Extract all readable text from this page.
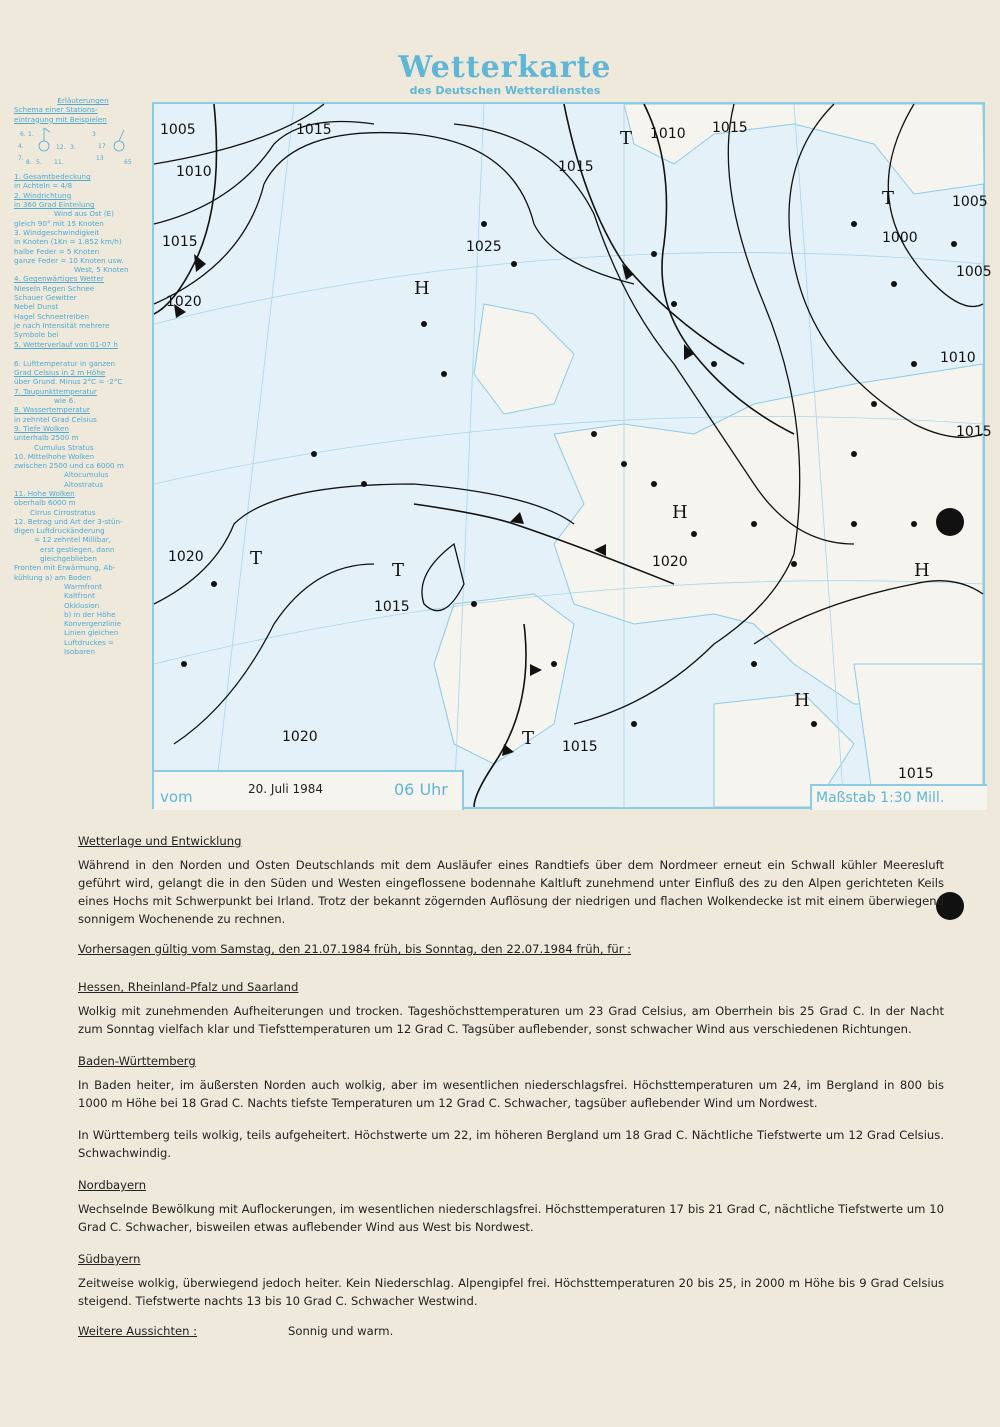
Wetterkarte
des Deutschen Wetterdienstes
Erläuterungen
Schema einer Stations-
eintragung mit Beispielen
6. 1.
4.	12. 3.
7.
8. 5. 11.
3
17
13
65
1. Gesamtbedeckung
in Achteln = 4/8
2. Windrichtung
in 360 Grad Einteilung
Wind aus Ost (E)
gleich 90° mit 15 Knoten
3. Windgeschwindigkeit
in Knoten (1Kn = 1.852 km/h)
halbe Feder = 5 Knoten
ganze Feder = 10 Knoten usw.
West, 5 Knoten
4. Gegenwärtiges Wetter
Nieseln Regen Schnee
Schauer Gewitter
Nebel Dunst
Hagel Schneetreiben
je nach Intensität mehrere
Symbole bei
5. Wetterverlauf von 01-07 h
6. Lufttemperatur in ganzen
Grad Celsius in 2 m Höhe
über Grund. Minus 2°C = -2°C
7. Taupunkttemperatur
wie 6.
8. Wassertemperatur
in zehntel Grad Celsius
9. Tiefe Wolken
unterhalb 2500 m
Cumulus Stratus
10. Mittelhohe Wolken
zwischen 2500 und ca 6000 m
Altocumulus
Altostratus
11. Hohe Wolken
oberhalb 6000 m
Cirrus Cirrostratus
12. Betrag und Art der 3-stün-
digen Luftdruckänderung
= 12 zehntel Millibar,
erst gestiegen, dann
gleichgeblieben
Fronten mit Erwärmung, Ab-
kühlung a) am Boden
Warmfront
Kaltfront
Okklusion
b) in der Höhe
Konvergenzlinie
Linien gleichen
Luftdruckes =
Isobaren
1005
1010
1015
1020
1025
1015
1010 1015
1005
1000
1005
1010
1015
1020
1015
1020
1020
1015
1015
1015
H
T
T
H
T	H
H
T
T
vom	20. Juli 1984	06 Uhr	Maßstab 1:30 Mill.
Wetterlage und Entwicklung

Während in den Norden und Osten Deutschlands mit dem Ausläufer eines Randtiefs über dem Nordmeer erneut ein Schwall kühler Meeresluft geführt wird, gelangt die in den Süden und Westen eingeflossene bodennahe Kaltluft zunehmend unter Einfluß des zu den Alpen gerichteten Keils eines Hochs mit Schwerpunkt bei Irland. Trotz der bekannt zögernden Auflösung der niedrigen und flachen Wolkendecke ist mit einem überwiegend sonnigem Wochenende zu rechnen.

Vorhersagen gültig vom Samstag, den 21.07.1984 früh, bis Sonntag, den 22.07.1984 früh, für :
Hessen, Rheinland-Pfalz und Saarland

Wolkig mit zunehmenden Aufheiterungen und trocken. Tageshöchsttemperaturen um 23 Grad Celsius, am Oberrhein bis 25 Grad C. In der Nacht zum Sonntag vielfach klar und Tiefsttemperaturen um 12 Grad C. Tagsüber auflebender, sonst schwacher Wind aus verschiedenen Richtungen.

Baden-Württemberg

In Baden heiter, im äußersten Norden auch wolkig, aber im wesentlichen niederschlagsfrei. Höchsttemperaturen um 24, im Bergland in 800 bis 1000 m Höhe bei 18 Grad C. Nachts tiefste Temperaturen um 12 Grad C. Schwacher, tagsüber auflebender Wind um Nordwest.

In Württemberg teils wolkig, teils aufgeheitert. Höchstwerte um 22, im höheren Bergland um 18 Grad C. Nächtliche Tiefstwerte um 12 Grad Celsius. Schwachwindig.

Nordbayern

Wechselnde Bewölkung mit Auflockerungen, im wesentlichen niederschlagsfrei. Höchsttemperaturen 17 bis 21 Grad C, nächtliche Tiefstwerte um 10 Grad C. Schwacher, bisweilen etwas auflebender Wind aus West bis Nordwest.

Südbayern

Zeitweise wolkig, überwiegend jedoch heiter. Kein Niederschlag. Alpengipfel frei. Höchsttemperaturen 20 bis 25, in 2000 m Höhe bis 9 Grad Celsius steigend. Tiefstwerte nachts 13 bis 10 Grad C. Schwacher Westwind.

Weitere Aussichten :	Sonnig und warm.
